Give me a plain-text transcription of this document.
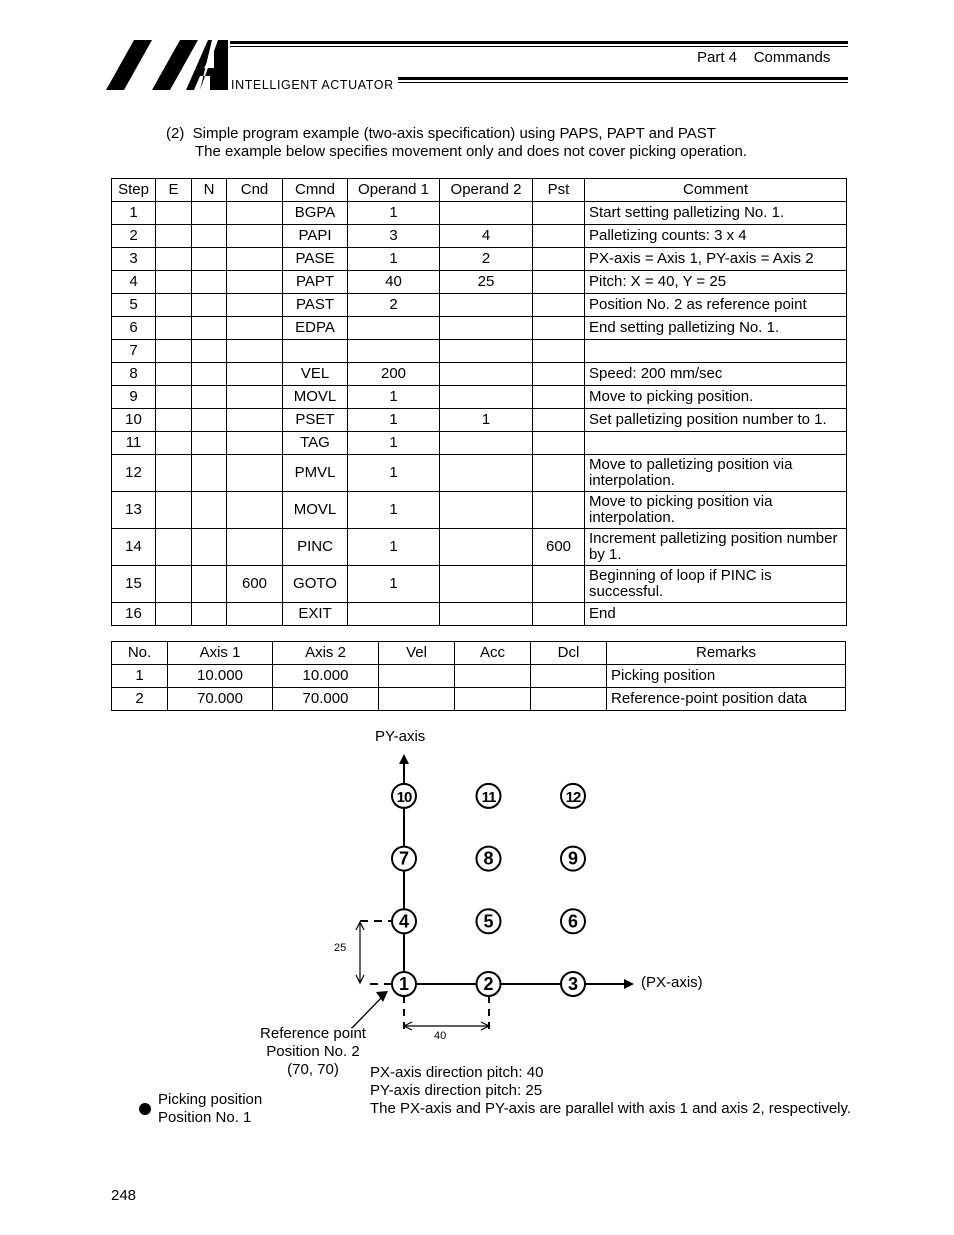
INTELLIGENT ACTUATOR
Part 4 Commands
(2)  Simple program example (two-axis specification) using PAPS, PAPT and PAST
The example below specifies movement only and does not cover picking operation.
Step	E	N	Cnd	Cmnd	Operand 1	Operand 2	Pst	Comment
1				BGPA	1			Start setting palletizing No. 1.
2				PAPI	3	4		Palletizing counts: 3 x 4
3				PASE	1	2		PX-axis = Axis 1, PY-axis = Axis 2
4				PAPT	40	25		Pitch: X = 40, Y = 25
5				PAST	2			Position No. 2 as reference point
6				EDPA				End setting palletizing No. 1.
7								
8				VEL	200			Speed: 200 mm/sec
9				MOVL	1			Move to picking position.
10				PSET	1	1		Set palletizing position number to 1.
11				TAG	1			
12				PMVL	1			Move to palletizing position via interpolation.
13				MOVL	1			Move to picking position via interpolation.
14				PINC	1		600	Increment palletizing position number by 1.
15			600	GOTO	1			Beginning of loop if PINC is successful.
16				EXIT				End
No.	Axis 1	Axis 2	Vel	Acc	Dcl	Remarks
1	10.000	10.000				Picking position
2	70.000	70.000				Reference-point position data
PY-axis
(PX-axis)
1	2	3
4	5	6
7	8	9
10	11	12
25
40
Reference point
Position No. 2
(70, 70)
Picking position
Position No. 1
PX-axis direction pitch: 40
PY-axis direction pitch: 25
The PX-axis and PY-axis are parallel with axis 1 and axis 2, respectively.
248
